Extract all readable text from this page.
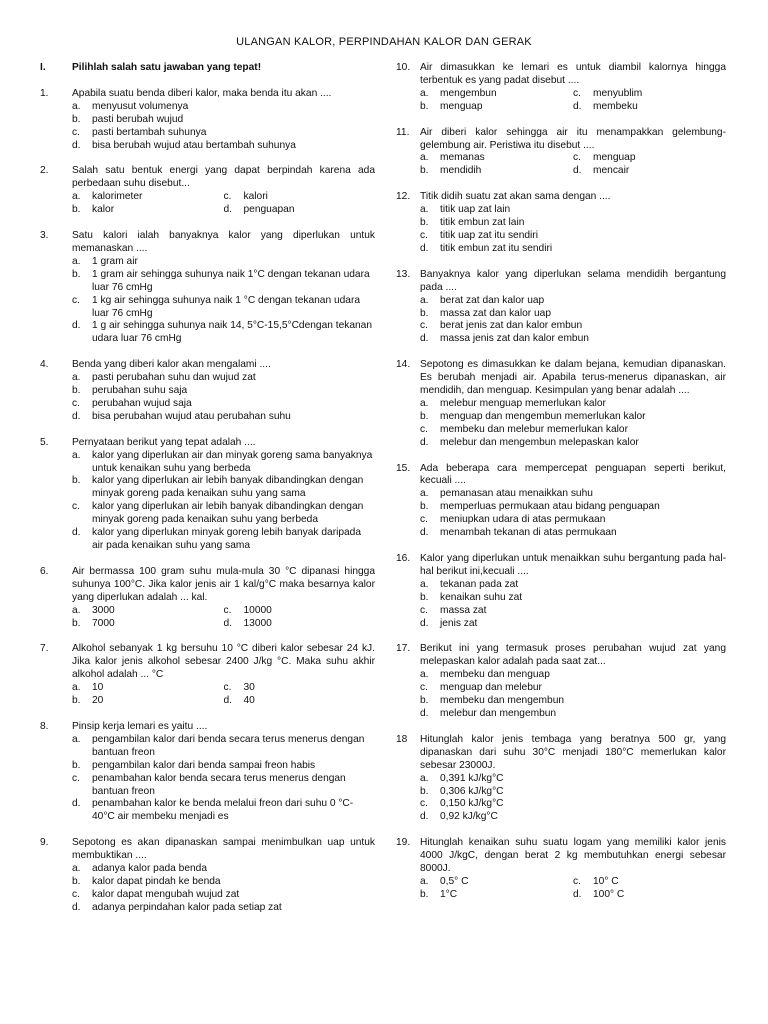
ULANGAN KALOR, PERPINDAHAN KALOR DAN GERAK
I.	Pilihlah salah satu jawaban yang tepat!
1.	Apabila suatu benda diberi kalor, maka benda itu akan ....
a.	menyusut volumenya
b.	pasti berubah wujud
c.	pasti bertambah suhunya
d.	bisa berubah wujud atau bertambah suhunya
2.	Salah satu bentuk energi yang dapat berpindah karena ada perbedaan suhu disebut...
a.	kalorimeter	c.	kalori
b.	kalor	d.	penguapan
3.	Satu kalori ialah banyaknya kalor yang diperlukan untuk memanaskan ....
a.	1 gram air
b.	1 gram air sehingga suhunya naik 1°C dengan tekanan udara luar 76 cmHg
c.	1 kg air sehingga suhunya naik 1 °C dengan tekanan udara luar 76 cmHg
d.	1 g air sehingga suhunya naik 14, 5°C-15,5°Cdengan tekanan udara luar 76 cmHg
4.	Benda yang diberi kalor akan mengalami ....
a.	pasti perubahan suhu dan wujud zat
b.	perubahan suhu saja
c.	perubahan wujud saja
d.	bisa perubahan wujud atau perubahan suhu
5.	Pernyataan berikut yang tepat adalah ....
a.	kalor yang diperlukan air dan minyak goreng sama banyaknya untuk kenaikan suhu yang berbeda
b.	kalor yang diperlukan air lebih banyak dibandingkan dengan minyak goreng pada kenaikan suhu yang sama
c.	kalor yang diperlukan air lebih banyak dibandingkan dengan minyak goreng pada kenaikan suhu yang berbeda
d.	kalor yang diperlukan minyak goreng lebih banyak daripada air pada kenaikan suhu yang sama
6.	Air bermassa 100 gram suhu mula-mula 30 °C dipanasi hingga suhunya 100°C. Jika kalor jenis air 1 kal/g°C maka besarnya kalor yang diperlukan adalah ... kal.
a.	3000	c.	10000
b.	7000	d.	13000
7.	Alkohol sebanyak 1 kg bersuhu 10 °C diberi kalor sebesar 24 kJ. Jika kalor jenis alkohol sebesar 2400 J/kg °C. Maka suhu akhir alkohol adalah ... °C
a.	10	c.	30
b.	20	d.	40
8.	Pinsip kerja lemari es yaitu ....
a.	pengambilan kalor dari benda secara terus menerus dengan bantuan freon
b.	pengambilan kalor dari benda sampai freon habis
c.	penambahan kalor benda secara terus menerus dengan bantuan freon
d.	penambahan kalor ke benda melalui freon dari suhu 0 °C-40°C air membeku menjadi es
9.	Sepotong es akan dipanaskan sampai menimbulkan uap untuk membuktikan ....
a.	adanya kalor pada benda
b.	kalor dapat pindah ke benda
c.	kalor dapat mengubah wujud zat
d.	adanya perpindahan kalor pada setiap zat
10. Air dimasukkan ke lemari es untuk diambil kalornya hingga terbentuk es yang padat disebut ....
a.	mengembun	c.	menyublim
b.	menguap	d.	membeku
11.	Air diberi kalor sehingga air itu menampakkan gelembung-gelembung air. Peristiwa itu disebut ....
a.	memanas	c.	menguap
b.	mendidih	d.	mencair
12. Titik didih suatu zat akan sama dengan ....
a.	titik uap zat lain
b.	titik embun zat lain
c.	titik uap zat itu sendiri
d.	titik embun zat itu sendiri
13. Banyaknya kalor yang diperlukan selama mendidih bergantung pada ....
a.	berat zat dan kalor uap
b.	massa zat dan kalor uap
c.	berat jenis zat dan kalor embun
d.	massa jenis zat dan kalor embun
14. Sepotong es dimasukkan ke dalam bejana, kemudian dipanaskan. Es berubah menjadi air. Apabila terus-menerus dipanaskan, air mendidih, dan menguap. Kesimpulan yang benar adalah ....
a.	melebur menguap memerlukan kalor
b.	menguap dan mengembun memerlukan kalor
c.	membeku dan melebur memerlukan kalor
d.	melebur dan mengembun melepaskan kalor
15. Ada beberapa cara mempercepat penguapan seperti berikut, kecuali ....
a.	pemanasan atau menaikkan suhu
b.	memperluas permukaan atau bidang penguapan
c.	meniupkan udara di atas permukaan
d.	menambah tekanan di atas permukaan
16. Kalor yang diperlukan untuk menaikkan suhu bergantung pada hal-hal berikut ini,kecuali ....
a.	tekanan pada zat
b.	kenaikan suhu zat
c.	massa zat
d.	jenis zat
17. Berikut ini yang termasuk proses perubahan wujud zat yang melepaskan kalor adalah pada saat zat...
a.	membeku dan menguap
c.	menguap dan melebur
b.	membeku dan mengembun
d.	melebur dan mengembun
18	Hitunglah kalor jenis tembaga yang beratnya 500 gr, yang dipanaskan dari suhu 30°C menjadi 180°C memerlukan kalor sebesar 23000J.
a.	0,391 kJ/kg°C
b.	0,306 kJ/kg°C
c.	0,150 kJ/kg°C
d.	0,92 kJ/kg°C
19. Hitunglah kenaikan suhu suatu logam yang memiliki kalor jenis 4000 J/kgC, dengan berat 2 kg membutuhkan energi sebesar 8000J.
a.	0,5° C	c.	10° C
b.	1°C	d.	100° C
